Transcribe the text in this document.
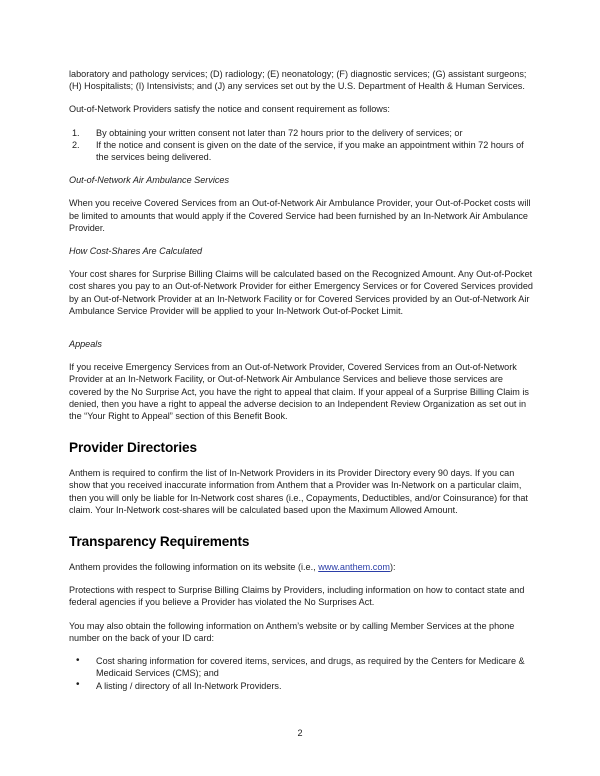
laboratory and pathology services; (D) radiology; (E) neonatology; (F) diagnostic services; (G) assistant surgeons; (H) Hospitalists; (I) Intensivists; and (J) any services set out by the U.S. Department of Health & Human Services.

Out-of-Network Providers satisfy the notice and consent requirement as follows:

1. By obtaining your written consent not later than 72 hours prior to the delivery of services; or
2. If the notice and consent is given on the date of the service, if you make an appointment within 72 hours of the services being delivered.

Out-of-Network Air Ambulance Services

When you receive Covered Services from an Out-of-Network Air Ambulance Provider, your Out-of-Pocket costs will be limited to amounts that would apply if the Covered Service had been furnished by an In-Network Air Ambulance Provider.

How Cost-Shares Are Calculated

Your cost shares for Surprise Billing Claims will be calculated based on the Recognized Amount. Any Out-of-Pocket cost shares you pay to an Out-of-Network Provider for either Emergency Services or for Covered Services provided by an Out-of-Network Provider at an In-Network Facility or for Covered Services provided by an Out-of-Network Air Ambulance Service Provider will be applied to your In-Network Out-of-Pocket Limit.

Appeals

If you receive Emergency Services from an Out-of-Network Provider, Covered Services from an Out-of-Network Provider at an In-Network Facility, or Out-of-Network Air Ambulance Services and believe those services are covered by the No Surprise Act, you have the right to appeal that claim. If your appeal of a Surprise Billing Claim is denied, then you have a right to appeal the adverse decision to an Independent Review Organization as set out in the “Your Right to Appeal” section of this Benefit Book.

Provider Directories

Anthem is required to confirm the list of In-Network Providers in its Provider Directory every 90 days. If you can show that you received inaccurate information from Anthem that a Provider was In-Network on a particular claim, then you will only be liable for In-Network cost shares (i.e., Copayments, Deductibles, and/or Coinsurance) for that claim. Your In-Network cost-shares will be calculated based upon the Maximum Allowed Amount.

Transparency Requirements

Anthem provides the following information on its website (i.e., www.anthem.com):

Protections with respect to Surprise Billing Claims by Providers, including information on how to contact state and federal agencies if you believe a Provider has violated the No Surprises Act.

You may also obtain the following information on Anthem’s website or by calling Member Services at the phone number on the back of your ID card:

• Cost sharing information for covered items, services, and drugs, as required by the Centers for Medicare & Medicaid Services (CMS); and
• A listing / directory of all In-Network Providers.
2
